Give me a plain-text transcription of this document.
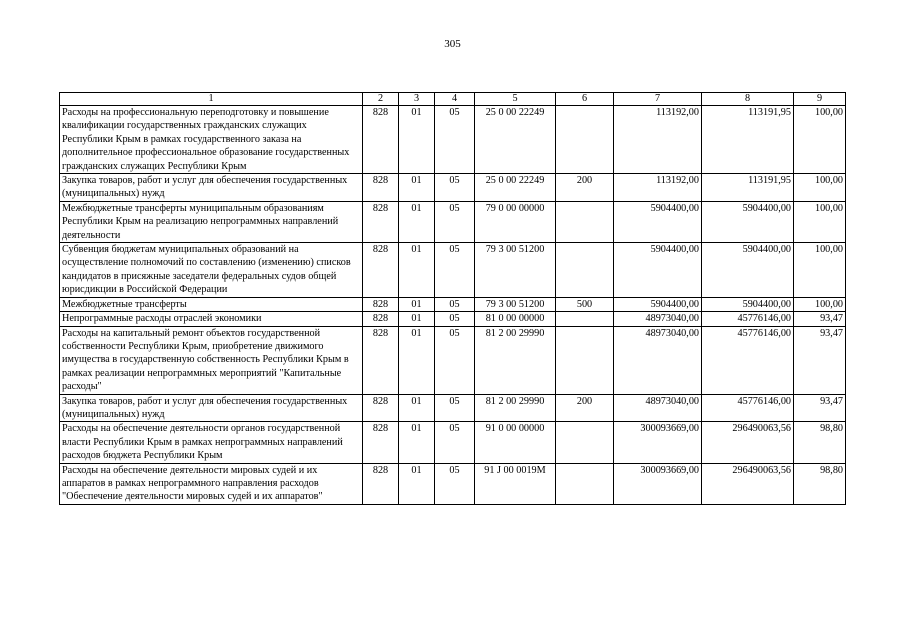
305
1	2	3	4	5	6	7	8	9
Расходы на профессиональную переподготовку и повышение квалификации государственных гражданских служащих Республики Крым в рамках государственного заказа на дополнительное профессиональное образование государственных гражданских служащих Республики Крым	828	01	05	25 0 00 22249		113192,00	113191,95	100,00
Закупка товаров, работ и услуг для обеспечения государственных (муниципальных) нужд	828	01	05	25 0 00 22249	200	113192,00	113191,95	100,00
Межбюджетные трансферты муниципальным образованиям Республики Крым на реализацию непрограммных направлений деятельности	828	01	05	79 0 00 00000		5904400,00	5904400,00	100,00
Субвенция бюджетам муниципальных образований на осуществление полномочий по составлению (изменению) списков кандидатов в присяжные заседатели федеральных судов общей юрисдикции в Российской Федерации	828	01	05	79 3 00 51200		5904400,00	5904400,00	100,00
Межбюджетные трансферты	828	01	05	79 3 00 51200	500	5904400,00	5904400,00	100,00
Непрограммные расходы отраслей экономики	828	01	05	81 0 00 00000		48973040,00	45776146,00	93,47
Расходы на капитальный ремонт объектов государственной собственности Республики Крым, приобретение движимого имущества в государственную собственность Республики Крым в рамках реализации непрограммных мероприятий "Капитальные расходы"	828	01	05	81 2 00 29990		48973040,00	45776146,00	93,47
Закупка товаров, работ и услуг для обеспечения государственных (муниципальных) нужд	828	01	05	81 2 00 29990	200	48973040,00	45776146,00	93,47
Расходы на обеспечение деятельности органов государственной власти Республики Крым в рамках непрограммных направлений расходов бюджета Республики Крым	828	01	05	91 0 00 00000		300093669,00	296490063,56	98,80
Расходы на обеспечение деятельности мировых судей и их аппаратов в рамках непрограммного направления расходов "Обеспечение деятельности мировых судей и их аппаратов"	828	01	05	91 J 00 0019M		300093669,00	296490063,56	98,80
